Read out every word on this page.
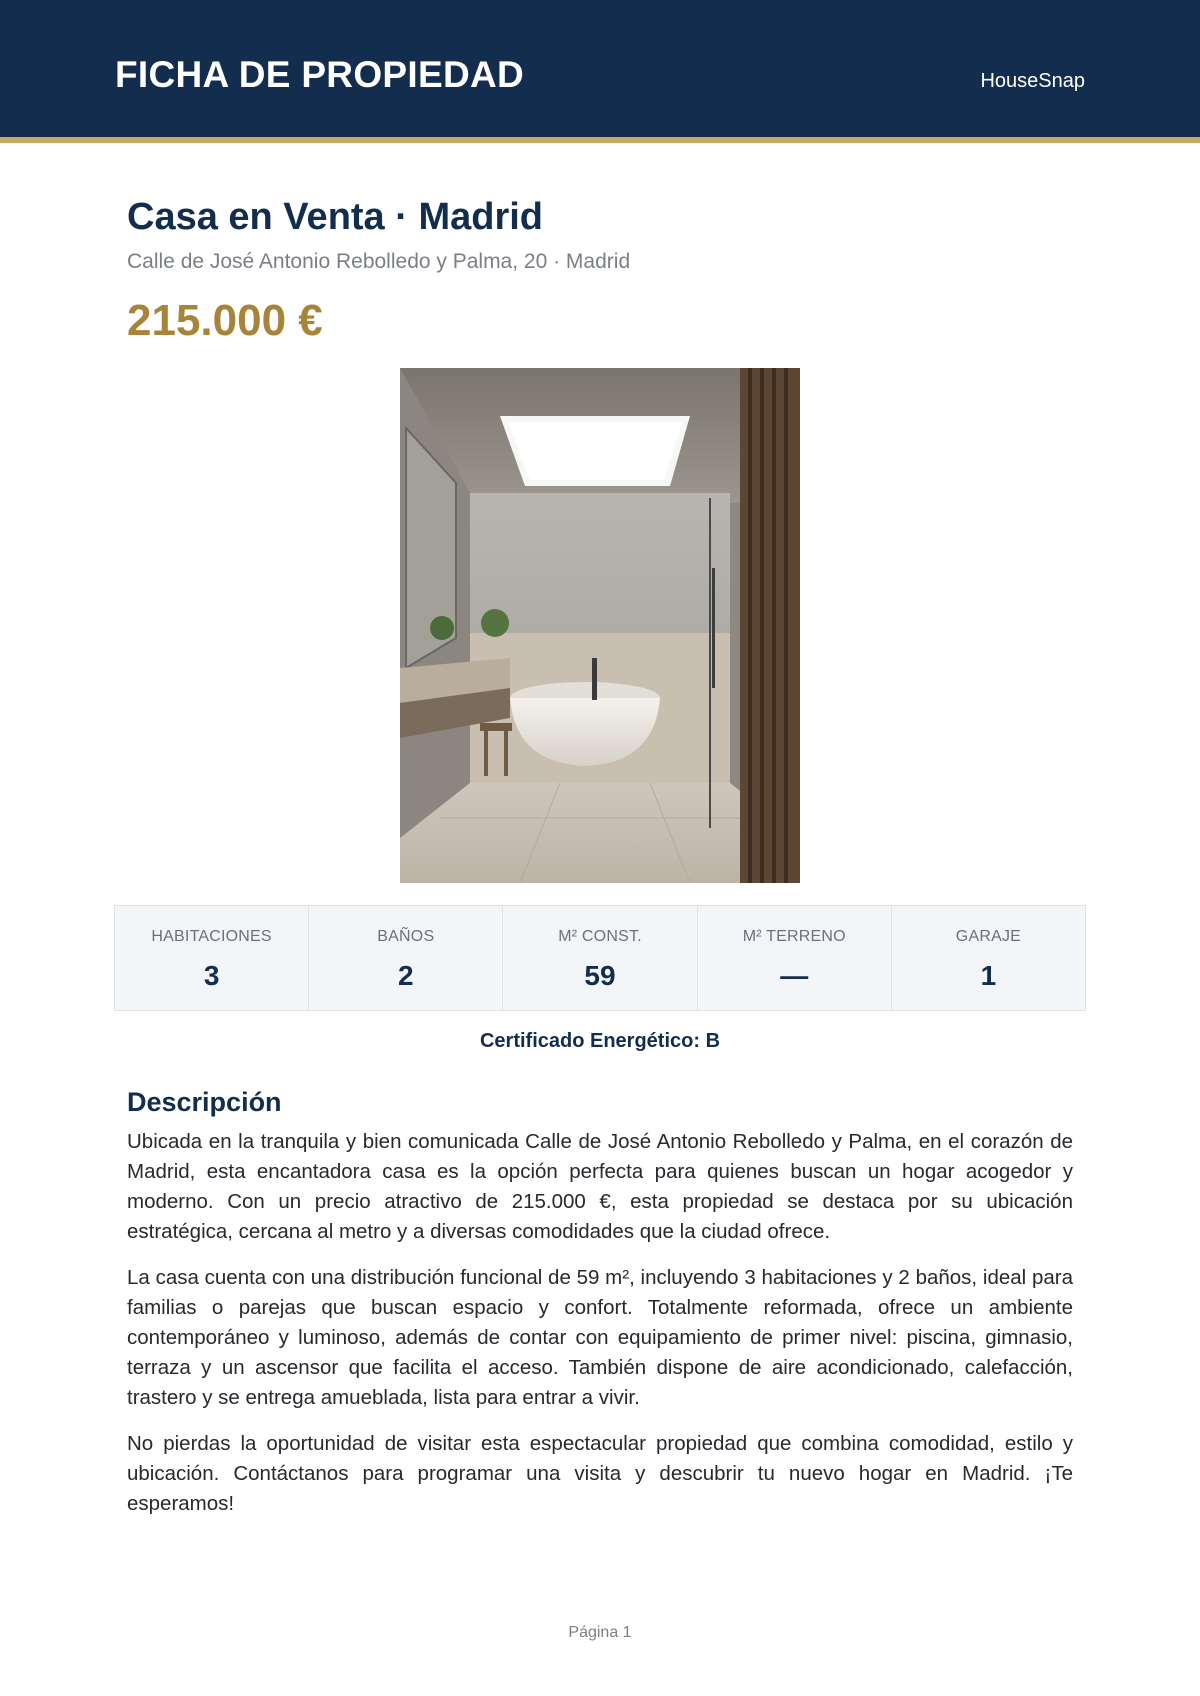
FICHA DE PROPIEDAD	HouseSnap
Casa en Venta · Madrid
Calle de José Antonio Rebolledo y Palma, 20 · Madrid
215.000 €
HABITACIONES
3
BAÑOS
2
M² CONST.
59
M² TERRENO
—
GARAJE
1
Certificado Energético: B
Descripción

Ubicada en la tranquila y bien comunicada Calle de José Antonio Rebolledo y Palma, en el corazón de Madrid, esta encantadora casa es la opción perfecta para quienes buscan un hogar acogedor y moderno. Con un precio atractivo de 215.000 €, esta propiedad se destaca por su ubicación estratégica, cercana al metro y a diversas comodidades que la ciudad ofrece.

La casa cuenta con una distribución funcional de 59 m², incluyendo 3 habitaciones y 2 baños, ideal para familias o parejas que buscan espacio y confort. Totalmente reformada, ofrece un ambiente contemporáneo y luminoso, además de contar con equipamiento de primer nivel: piscina, gimnasio, terraza y un ascensor que facilita el acceso. También dispone de aire acondicionado, calefacción, trastero y se entrega amueblada, lista para entrar a vivir.

No pierdas la oportunidad de visitar esta espectacular propiedad que combina comodidad, estilo y ubicación. Contáctanos para programar una visita y descubrir tu nuevo hogar en Madrid. ¡Te esperamos!

Página 1
